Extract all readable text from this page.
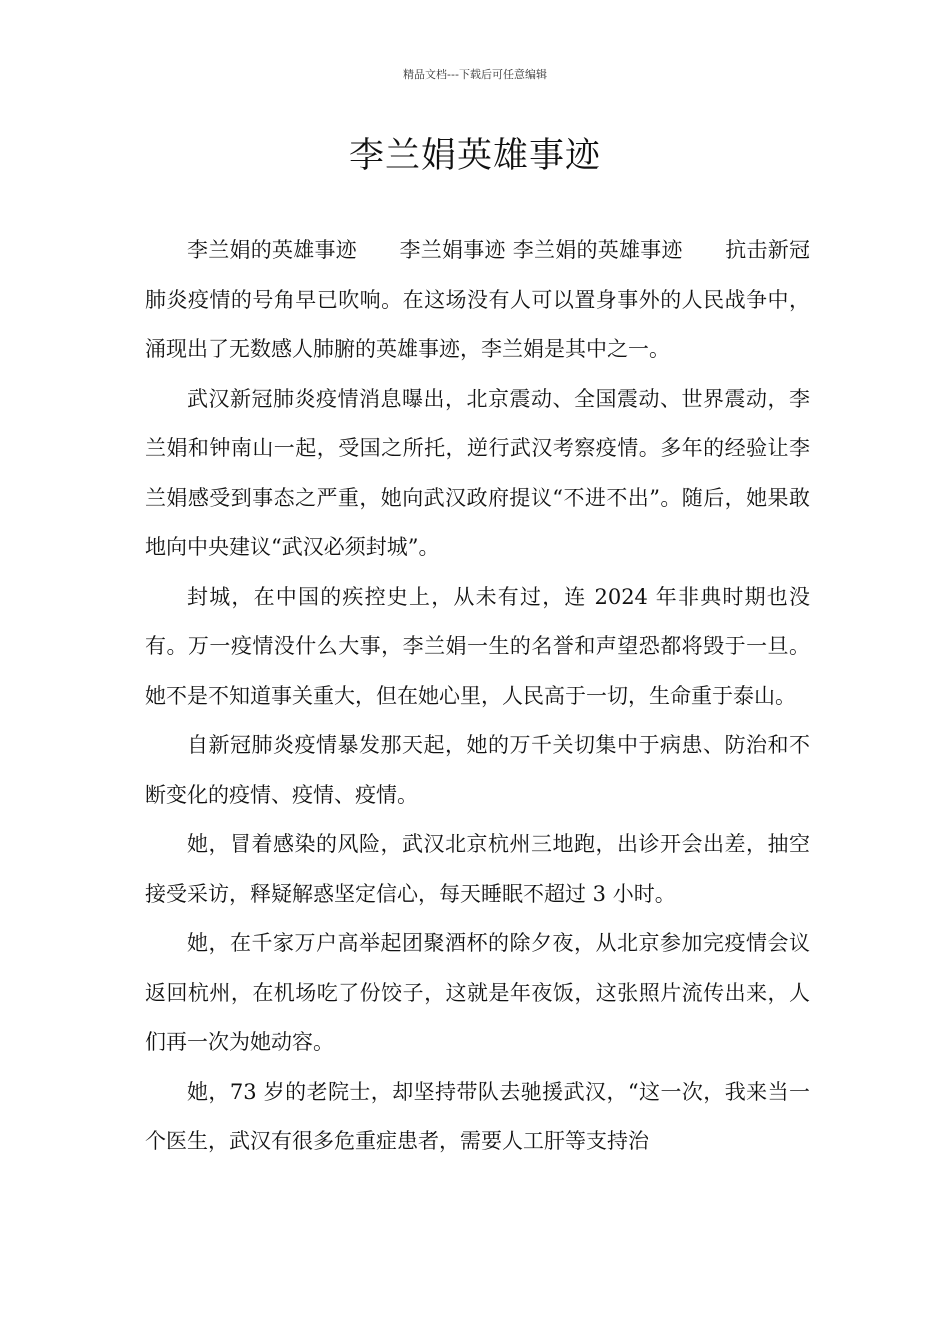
精品文档---下载后可任意编辑
李兰娟英雄事迹

李兰娟的英雄事迹　　李兰娟事迹 李兰娟的英雄事迹　　抗击新冠肺炎疫情的号角早已吹响。在这场没有人可以置身事外的人民战争中，涌现出了无数感人肺腑的英雄事迹，李兰娟是其中之一。

武汉新冠肺炎疫情消息曝出，北京震动、全国震动、世界震动，李兰娟和钟南山一起，受国之所托，逆行武汉考察疫情。多年的经验让李兰娟感受到事态之严重，她向武汉政府提议“不进不出”。随后，她果敢地向中央建议“武汉必须封城”。

封城，在中国的疾控史上，从未有过，连 2024 年非典时期也没有。万一疫情没什么大事，李兰娟一生的名誉和声望恐都将毁于一旦。她不是不知道事关重大，但在她心里，人民高于一切，生命重于泰山。

自新冠肺炎疫情暴发那天起，她的万千关切集中于病患、防治和不断变化的疫情、疫情、疫情。

她，冒着感染的风险，武汉北京杭州三地跑，出诊开会出差，抽空接受采访，释疑解惑坚定信心，每天睡眠不超过 3 小时。

她，在千家万户高举起团聚酒杯的除夕夜，从北京参加完疫情会议返回杭州，在机场吃了份饺子，这就是年夜饭，这张照片流传出来，人们再一次为她动容。

她，73 岁的老院士，却坚持带队去驰援武汉，“这一次，我来当一个医生，武汉有很多危重症患者，需要人工肝等支持治
